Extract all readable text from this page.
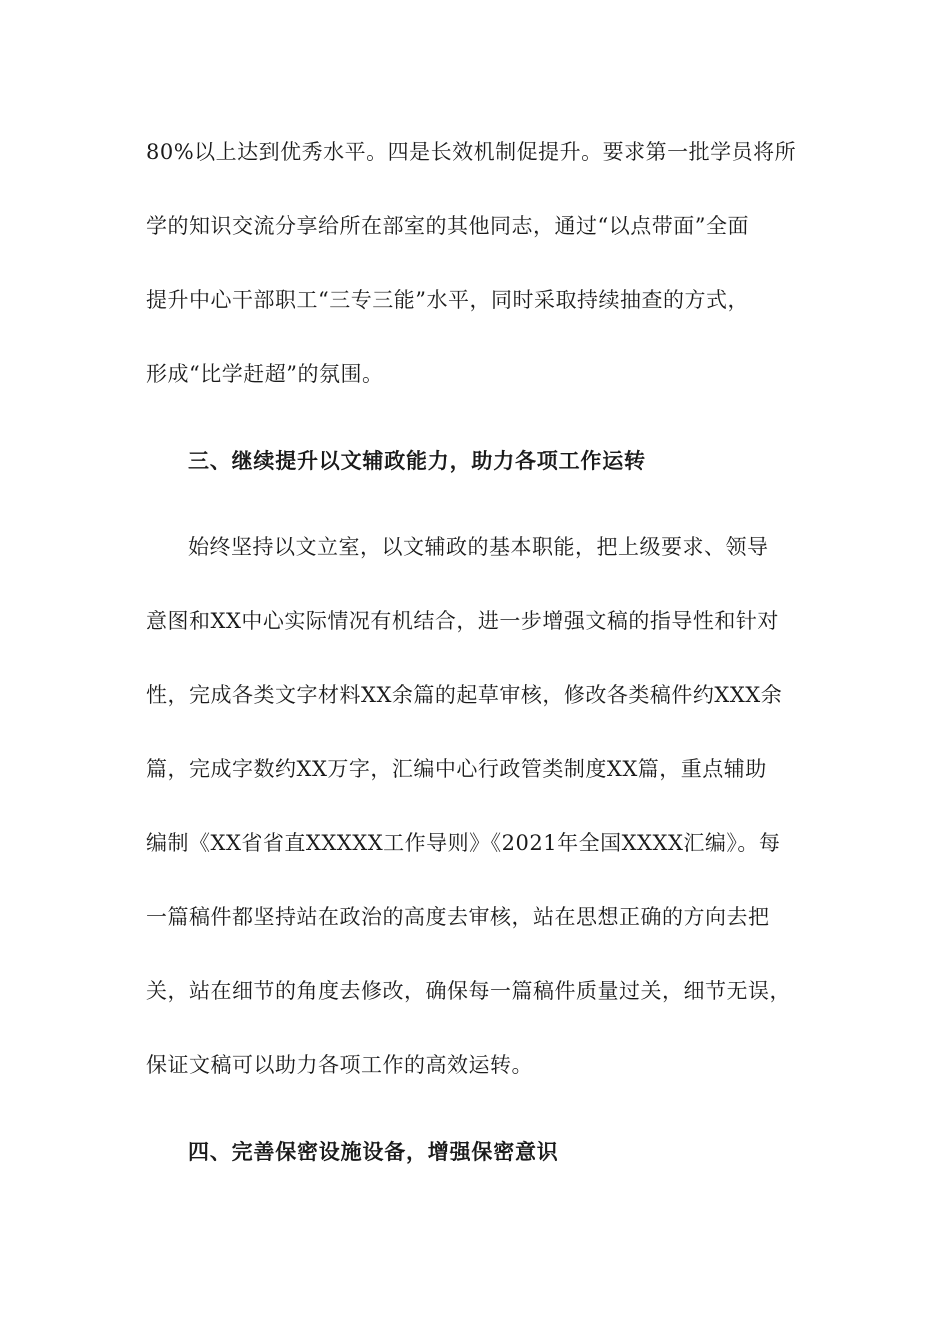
80%以上达到优秀水平。四是长效机制促提升。要求第一批学员将所
学的知识交流分享给所在部室的其他同志，通过“以点带面”全面
提升中心干部职工“三专三能”水平，同时采取持续抽查的方式，
形成“比学赶超”的氛围。
三、继续提升以文辅政能力，助力各项工作运转
始终坚持以文立室，以文辅政的基本职能，把上级要求、领导
意图和XX中心实际情况有机结合，进一步增强文稿的指导性和针对
性，完成各类文字材料XX余篇的起草审核，修改各类稿件约XXX余
篇，完成字数约XX万字，汇编中心行政管类制度XX篇，重点辅助
编制《XX省省直XXXXX工作导则》《2021年全国XXXX汇编》。每
一篇稿件都坚持站在政治的高度去审核，站在思想正确的方向去把
关，站在细节的角度去修改，确保每一篇稿件质量过关，细节无误，
保证文稿可以助力各项工作的高效运转。
四、完善保密设施设备，增强保密意识
